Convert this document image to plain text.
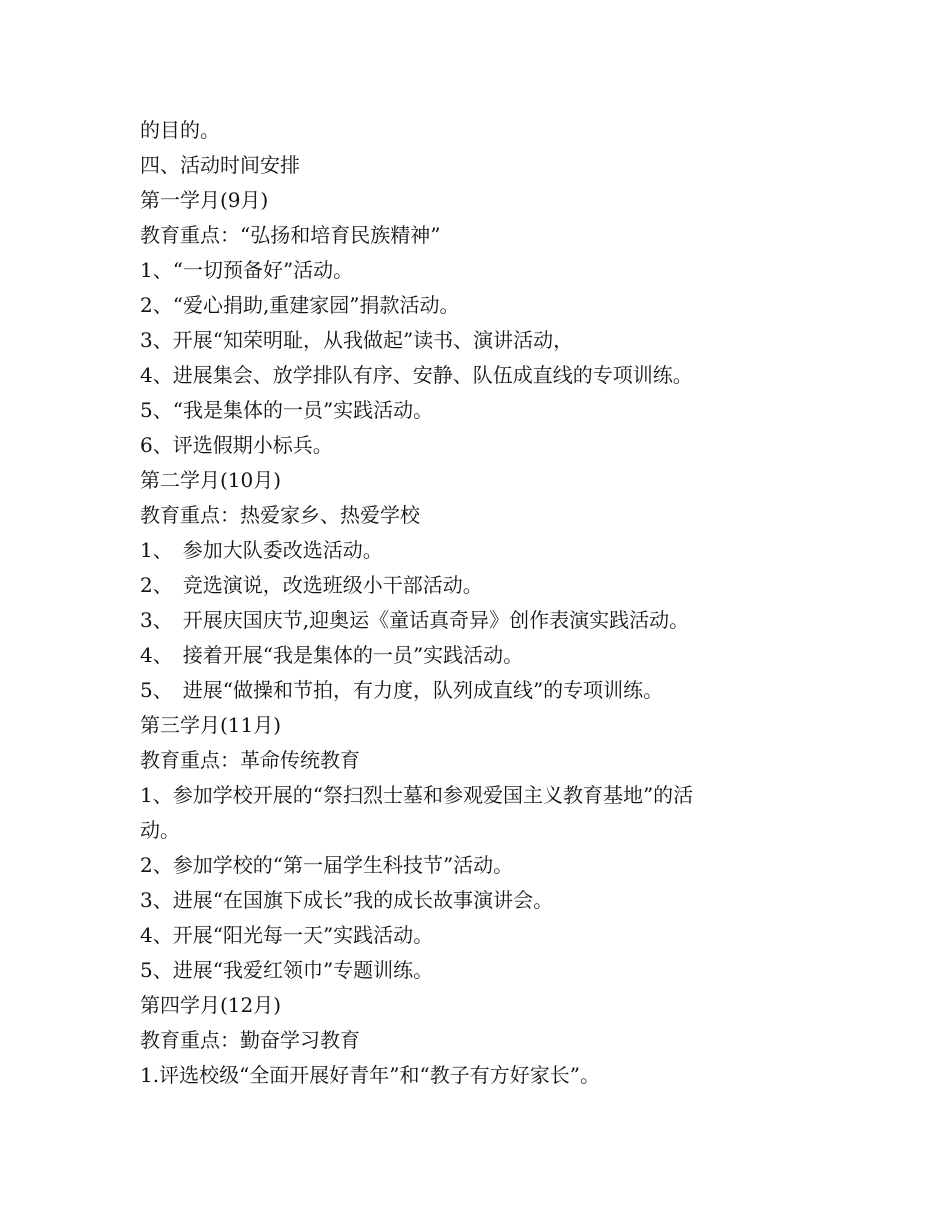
的目的。
四、活动时间安排
第一学月(9月)
教育重点：“弘扬和培育民族精神”
1、“一切预备好”活动。
2、“爱心捐助,重建家园”捐款活动。
3、开展“知荣明耻，从我做起”读书、演讲活动，
4、进展集会、放学排队有序、安静、队伍成直线的专项训练。
5、“我是集体的一员”实践活动。
6、评选假期小标兵。
第二学月(10月)
教育重点：热爱家乡、热爱学校
1、　参加大队委改选活动。
2、　竞选演说，改选班级小干部活动。
3、　开展庆国庆节,迎奥运《童话真奇异》创作表演实践活动。
4、　接着开展“我是集体的一员”实践活动。
5、　进展“做操和节拍，有力度，队列成直线”的专项训练。
第三学月(11月)
教育重点：革命传统教育
1、参加学校开展的“祭扫烈士墓和参观爱国主义教育基地”的活
动。
2、参加学校的“第一届学生科技节”活动。
3、进展“在国旗下成长”我的成长故事演讲会。
4、开展“阳光每一天”实践活动。
5、进展“我爱红领巾”专题训练。
第四学月(12月)
教育重点：勤奋学习教育
1.评选校级“全面开展好青年”和“教子有方好家长”。
